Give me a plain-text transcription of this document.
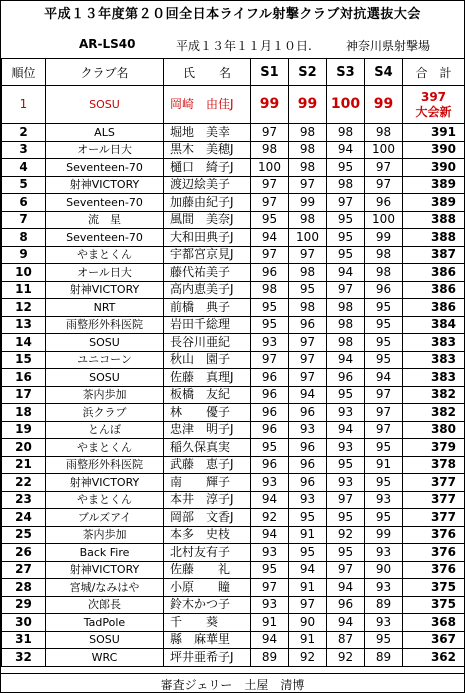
平成１３年度第２０回全日本ライフル射撃クラブ対抗選抜大会
AR-LS40	平成１３年１１月１０日.	神奈川県射撃場
順位	クラブ名	氏　　名	S1	S2	S3	S4	合　計
1	SOSU	岡崎　由佳J	99	99	100	99	397
大会新

2	ALS	堀地　美幸	97	98	98	98	391
3	オール日大	黒木　美穂J	98	98	94	100	390
4	Seventeen-70	樋口　綺子J	100	98	95	97	390
5	射神VICTORY	渡辺絵美子	97	97	98	97	389
6	Seventeen-70	加藤由紀子J	97	99	97	96	389
7	流　星	風間　美奈J	95	98	95	100	388
8	Seventeen-70	大和田典子J	94	100	95	99	388
9	やまとくん	宇都宮京見J	97	97	95	98	387
10	オール日大	藤代祐美子	96	98	94	98	386
11	射神VICTORY	高内恵美子J	98	95	97	96	386
12	NRT	前橋　典子	95	98	98	95	386
13	雨整形外科医院	岩田千総理	95	96	98	95	384
14	SOSU	長谷川亜紀	93	97	98	95	383
15	ユニコーン	秋山　園子	97	97	94	95	383
16	SOSU	佐藤　真理J	96	97	96	94	383
17	茶内歩加	板橋　友紀	96	94	95	97	382
18	浜クラブ	林　　優子	96	96	93	97	382
19	とんぼ	忠津　明子J	96	93	94	97	380
20	やまとくん	稲久保真実	95	96	93	95	379
21	雨整形外科医院	武藤　恵子J	96	96	95	91	378
22	射神VICTORY	南　　輝子	93	96	93	95	377
23	やまとくん	本井　淳子J	94	93	97	93	377
24	ブルズアイ	岡部　文香J	92	95	95	95	377
25	茶内歩加	本多　史枝	94	91	92	99	376
26	Back Fire	北村友有子	93	95	95	93	376
27	射神VICTORY	佐藤　　礼	95	94	97	90	376
28	宮城/なみはや	小原　　瞳	97	91	94	93	375
29	次郎長	鈴木かつ子	93	97	96	89	375
30	TadPole	千　　葵	91	90	94	93	368
31	SOSU	縣　麻華里	94	91	87	95	367
32	WRC	坪井亜希子J	89	92	92	89	362
審査ジェリー　土屋　清博
